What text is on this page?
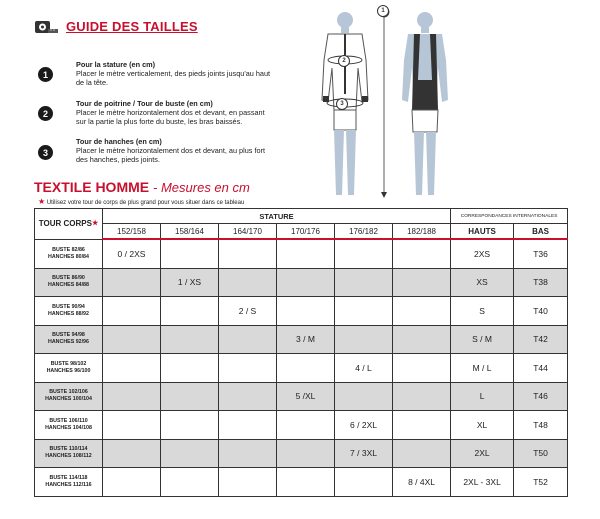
GUIDE DES TAILLES
1
Pour la stature (en cm)
Placer le mètre verticalement, des pieds joints jusqu'au haut de la tête.
2
Tour de poitrine / Tour de buste (en cm)
Placer le mètre horizontalement dos et devant, en passant sur la partie la plus forte du buste, les bras baissés.
3
Tour de hanches (en cm)
Placer le mètre horizontalement dos et devant, au plus fort des hanches, pieds joints.
1
2
3
TEXTILE HOMME - Mesures en cm
★ Utilisez votre tour de corps de plus grand pour vous situer dans ce tableau
TOUR CORPS★	STATURE						CORRESPONDANCES INTERNATIONALES	
	152/158	158/164	164/170	170/176	176/182	182/188	HAUTS	BAS

BUSTE 82/86
HANCHES 80/84	0 / 2XS						2XS	T36

BUSTE 86/90
HANCHES 84/88		1 / XS					XS	T38

BUSTE 90/94
HANCHES 88/92			2 / S				S	T40

BUSTE 94/98
HANCHES 92/96				3 / M			S / M	T42

BUSTE 98/102
HANCHES 96/100					4 / L		M / L	T44

BUSTE 102/106
HANCHES 100/104				5 /XL			L	T46

BUSTE 106/110
HANCHES 104/108					6 / 2XL		XL	T48

BUSTE 110/114
HANCHES 108/112					7 / 3XL		2XL	T50

BUSTE 114/118
HANCHES 112/116						8 / 4XL	2XL - 3XL	T52
